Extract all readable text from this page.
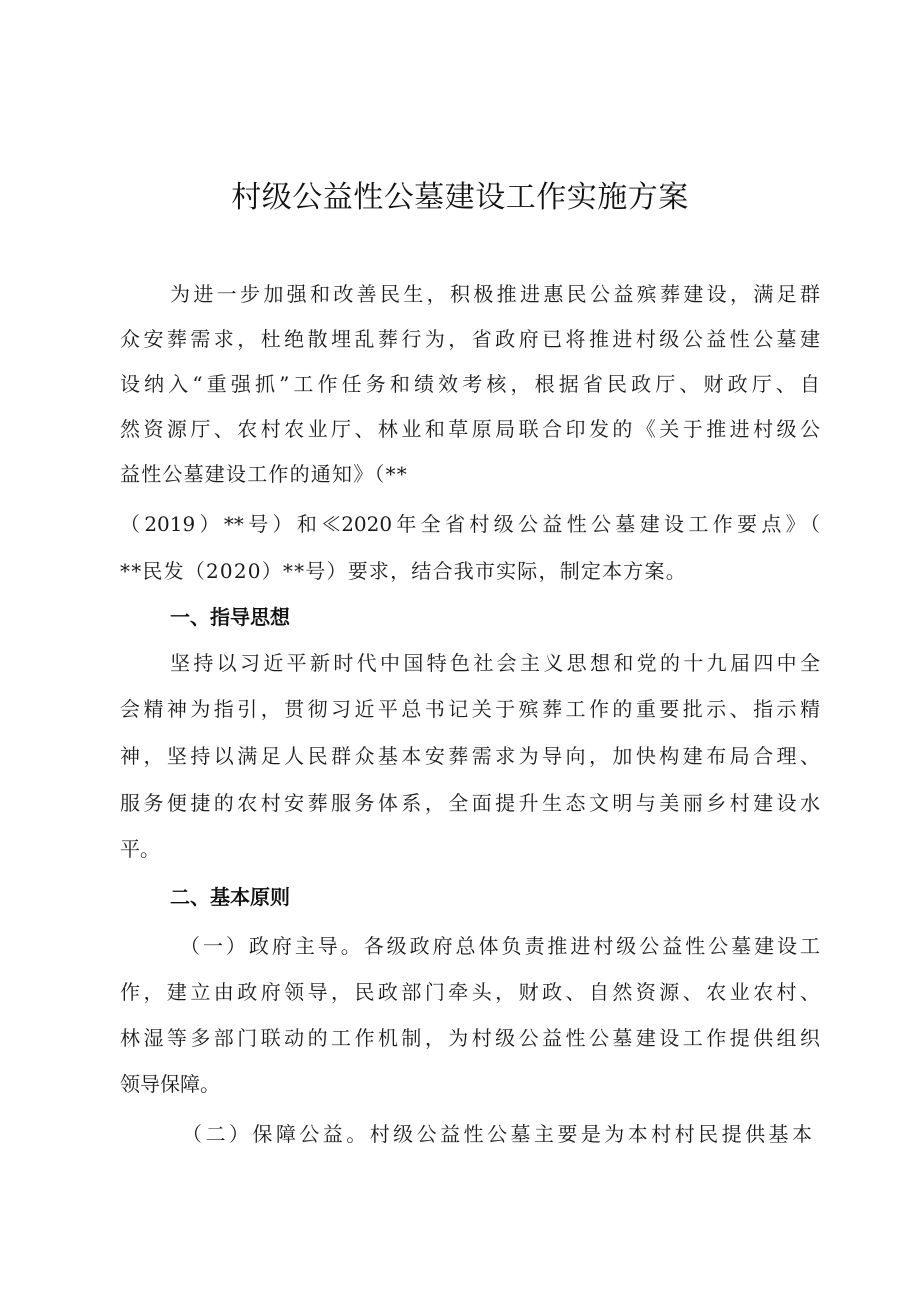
村级公益性公墓建设工作实施方案
为进一步加强和改善民生，积极推进惠民公益殡葬建设，满足群
众安葬需求，杜绝散埋乱葬行为，省政府已将推进村级公益性公墓建
设纳入“重强抓”工作任务和绩效考核，根据省民政厅、财政厅、自
然资源厅、农村农业厅、林业和草原局联合印发的《关于推进村级公
益性公墓建设工作的通知》（**
（2019）**号）和≪2020年全省村级公益性公墓建设工作要点》（
**民发（2020）**号）要求，结合我市实际，制定本方案。
一、指导思想
坚持以习近平新时代中国特色社会主义思想和党的十九届四中全
会精神为指引，贯彻习近平总书记关于殡葬工作的重要批示、指示精
神，坚持以满足人民群众基本安葬需求为导向，加快构建布局合理、
服务便捷的农村安葬服务体系，全面提升生态文明与美丽乡村建设水
平。
二、基本原则
（一）政府主导。各级政府总体负责推进村级公益性公墓建设工
作，建立由政府领导，民政部门牵头，财政、自然资源、农业农村、
林湿等多部门联动的工作机制，为村级公益性公墓建设工作提供组织
领导保障。
（二）保障公益。村级公益性公墓主要是为本村村民提供基本
